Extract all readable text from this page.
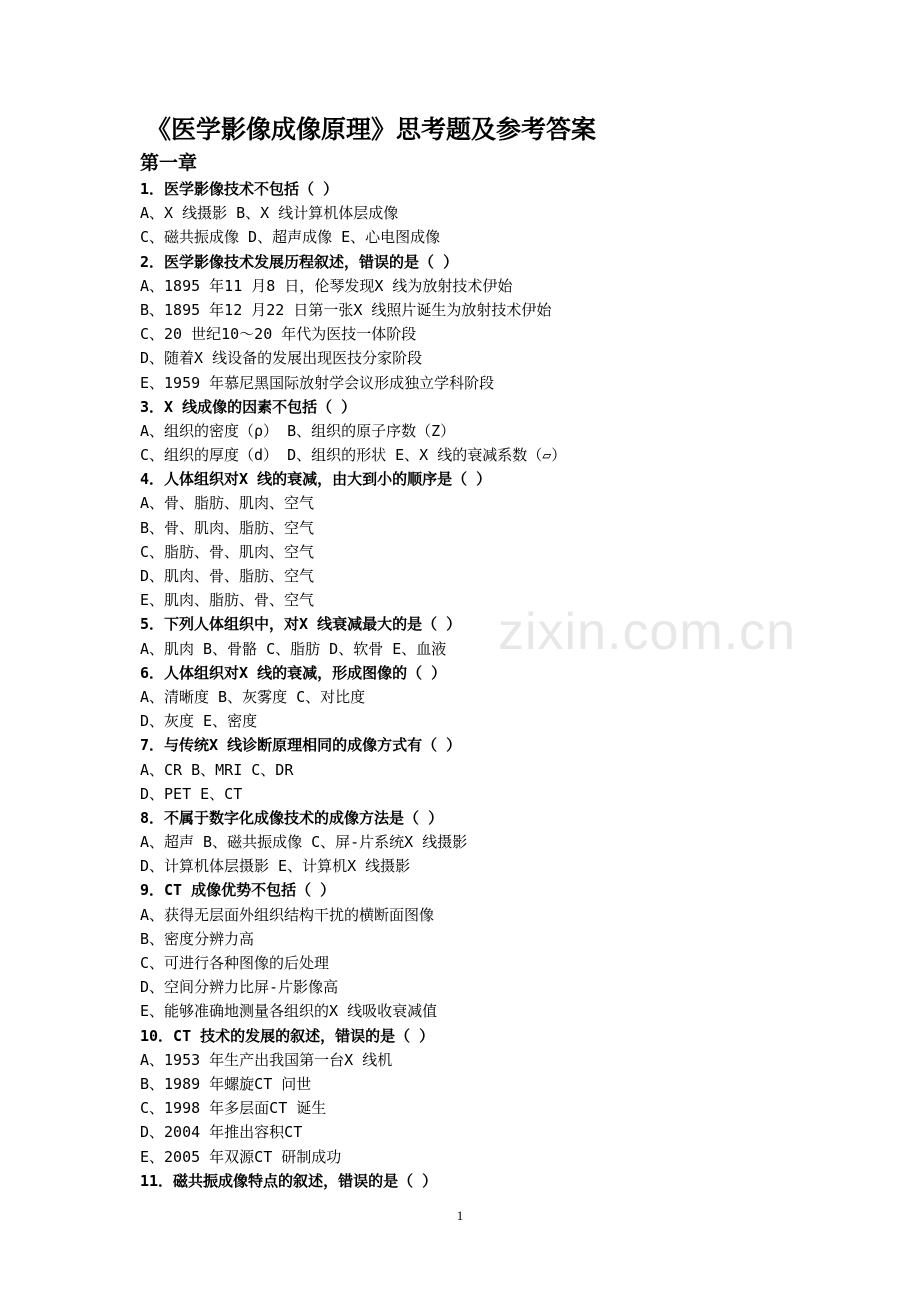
《医学影像成像原理》思考题及参考答案
第一章
1．医学影像技术不包括（ ）
A、X 线摄影 B、X 线计算机体层成像
C、磁共振成像 D、超声成像 E、心电图成像
2．医学影像技术发展历程叙述，错误的是（ ）
A、1895 年11 月8 日，伦琴发现X 线为放射技术伊始
B、1895 年12 月22 日第一张X 线照片诞生为放射技术伊始
C、20 世纪10～20 年代为医技一体阶段
D、随着X 线设备的发展出现医技分家阶段
E、1959 年慕尼黑国际放射学会议形成独立学科阶段
3．X 线成像的因素不包括（ ）
A、组织的密度（ρ） B、组织的原子序数（Z）
C、组织的厚度（d） D、组织的形状 E、X 线的衰减系数（▱）
4．人体组织对X 线的衰减，由大到小的顺序是（ ）
A、骨、脂肪、肌肉、空气
B、骨、肌肉、脂肪、空气
C、脂肪、骨、肌肉、空气
D、肌肉、骨、脂肪、空气
E、肌肉、脂肪、骨、空气
5．下列人体组织中，对X 线衰减最大的是（ ）
A、肌肉 B、骨骼 C、脂肪 D、软骨 E、血液
6．人体组织对X 线的衰减，形成图像的（ ）
A、清晰度 B、灰雾度 C、对比度
D、灰度 E、密度
7．与传统X 线诊断原理相同的成像方式有（ ）
A、CR B、MRI C、DR
D、PET E、CT
8．不属于数字化成像技术的成像方法是（ ）
A、超声 B、磁共振成像 C、屏-片系统X 线摄影
D、计算机体层摄影 E、计算机X 线摄影
9．CT 成像优势不包括（ ）
A、获得无层面外组织结构干扰的横断面图像
B、密度分辨力高
C、可进行各种图像的后处理
D、空间分辨力比屏-片影像高
E、能够准确地测量各组织的X 线吸收衰减值
10．CT 技术的发展的叙述，错误的是（ ）
A、1953 年生产出我国第一台X 线机
B、1989 年螺旋CT 问世
C、1998 年多层面CT 诞生
D、2004 年推出容积CT
E、2005 年双源CT 研制成功
11．磁共振成像特点的叙述，错误的是（ ）
zixin.com.cn
1
